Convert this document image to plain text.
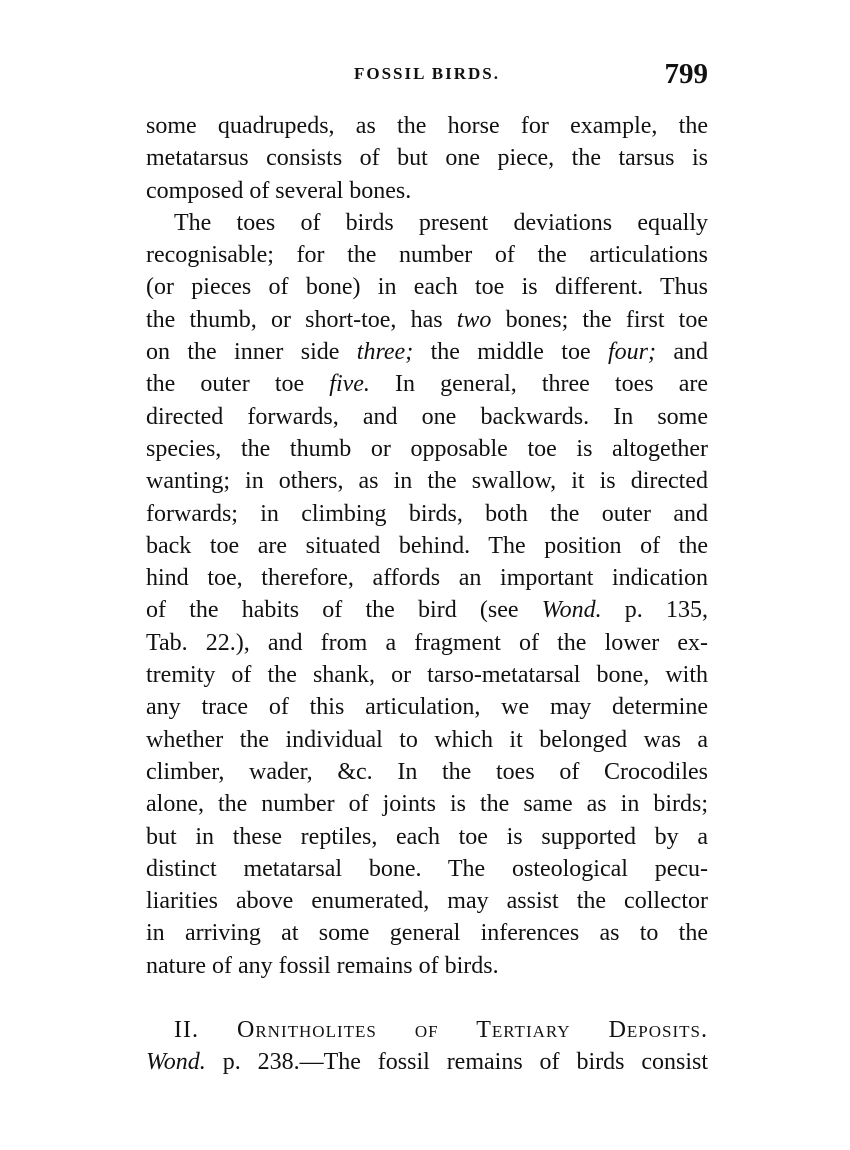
FOSSIL BIRDS.	799
some quadrupeds, as the horse for example, the
metatarsus consists of but one piece, the tarsus is
composed of several bones.
The toes of birds present deviations equally
recognisable; for the number of the articulations
(or pieces of bone) in each toe is different. Thus
the thumb, or short-toe, has two bones; the first toe
on the inner side three; the middle toe four; and
the outer toe five. In general, three toes are
directed forwards, and one backwards. In some
species, the thumb or opposable toe is altogether
wanting; in others, as in the swallow, it is directed
forwards; in climbing birds, both the outer and
back toe are situated behind. The position of the
hind toe, therefore, affords an important indication
of the habits of the bird (see Wond. p. 135,
Tab. 22.), and from a fragment of the lower ex-
tremity of the shank, or tarso-metatarsal bone, with
any trace of this articulation, we may determine
whether the individual to which it belonged was a
climber, wader, &c. In the toes of Crocodiles
alone, the number of joints is the same as in birds;
but in these reptiles, each toe is supported by a
distinct metatarsal bone. The osteological pecu-
liarities above enumerated, may assist the collector
in arriving at some general inferences as to the
nature of any fossil remains of birds.
II. Ornitholites of Tertiary Deposits.
Wond. p. 238.—The fossil remains of birds consist
